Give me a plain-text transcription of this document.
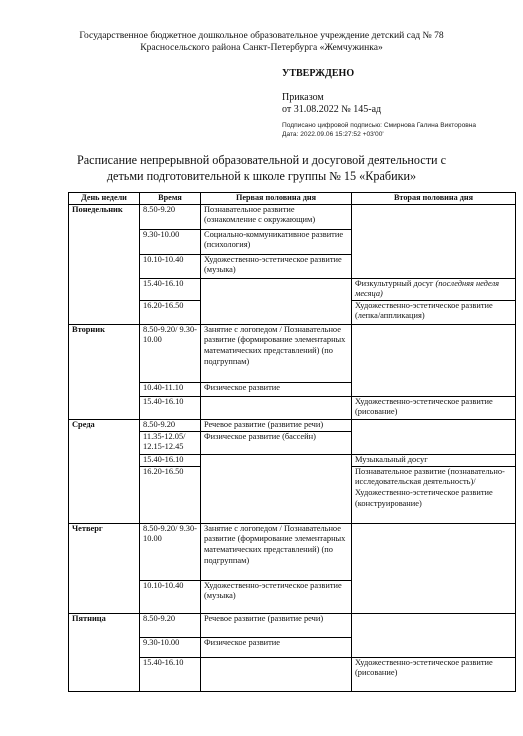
Государственное бюджетное дошкольное образовательное учреждение детский сад № 78
Красносельского района Санкт-Петербурга «Жемчужинка»
УТВЕРЖДЕНО
Приказом
от 31.08.2022 № 145-ад
Подписано цифровой подписью: Смирнова Галина Викторовна
Дата: 2022.09.06 15:27:52 +03'00'
Расписание непрерывной образовательной и досуговой деятельности с
детьми подготовительной к школе группы № 15 «Крабики»
День недели	Время	Первая половина дня	Вторая половина дня
Понедельник	8.50-9.20	Познавательное развитие (ознакомление с окружающим)	
	9.30-10.00	Социально-коммуникативное развитие (психология)	
	10.10-10.40	Художественно-эстетическое развитие (музыка)	
	15.40-16.10		Физкультурный досуг (последняя неделя месяца)
	16.20-16.50		Художественно-эстетическое развитие (лепка/аппликация)
Вторник	8.50-9.20/ 9.30-10.00	Занятие с логопедом / Познавательное развитие (формирование элементарных математических представлений) (по подгруппам)	
	10.40-11.10	Физическое развитие	
	15.40-16.10		Художественно-эстетическое развитие (рисование)
Среда	8.50-9.20	Речевое развитие (развитие речи)	
	11.35-12.05/ 12.15-12.45	Физическое развитие (бассейн)	
	15.40-16.10		Музыкальный досуг
	16.20-16.50		Познавательное развитие (познавательно-исследовательская деятельность)/Художественно-эстетическое развитие (конструирование)
Четверг	8.50-9.20/ 9.30-10.00	Занятие с логопедом / Познавательное развитие (формирование элементарных математических представлений) (по подгруппам)	
	10.10-10.40	Художественно-эстетическое развитие (музыка)	
Пятница	8.50-9.20	Речевое развитие (развитие речи)	
	9.30-10.00	Физическое развитие	
	15.40-16.10		Художественно-эстетическое развитие (рисование)
